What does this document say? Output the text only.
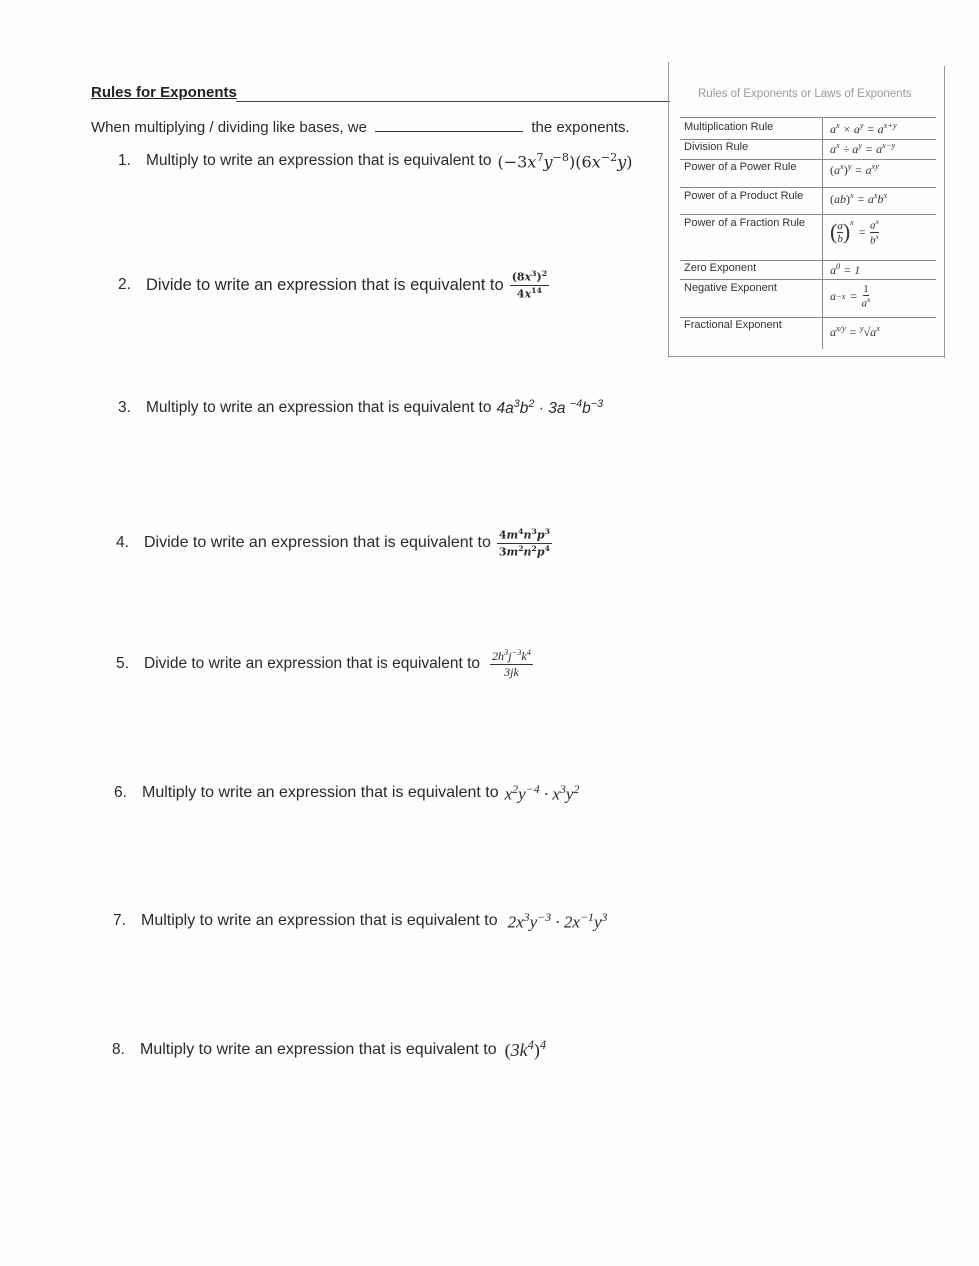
Rules for Exponents
When multiplying / dividing like bases, we	the exponents.
1. Multiply to write an expression that is equivalent to $(-3x^7y^{-8})(6x^{-2}y)$
2. Divide to write an expression that is equivalent to $\frac{(8x^3)^2}{4x^{14}}$
3. Multiply to write an expression that is equivalent to $4a^3b^2 \cdot 3a$ $^{-4}b^{-3}$
4. Divide to write an expression that is equivalent to $\frac{4m^4n^3p^3}{3m^2n^2p^4}$
5. Divide to write an expression that is equivalent to $\frac{2h^3j^{-3}k^4}{3jk}$
6. Multiply to write an expression that is equivalent to $x^2y^{-4} \cdot x^3y^2$
7. Multiply to write an expression that is equivalent to $2x^3y^{-3} \cdot 2x^{-1}y^3$
8. Multiply to write an expression that is equivalent to $(3k^4)^4$
Rules of Exponents or Laws of Exponents
Multiplication Rule
Division Rule
Power of a Power Rule
Power of a Product Rule
Power of a Fraction Rule
Zero Exponent
Negative Exponent
Fractional Exponent
$a^x \times a^y = a^{x+y}$
$a^x \div a^y = a^{x-y}$
$(a^x)^y = a^{xy}$
$(ab)^x = a^xb^x$
( a
b )$^x$
= $\frac{a^x}{b^x}$
$a^0 = 1$
$a -x = \frac{1}{a^x}$
$a^{x/y} = ^y√a^x$
